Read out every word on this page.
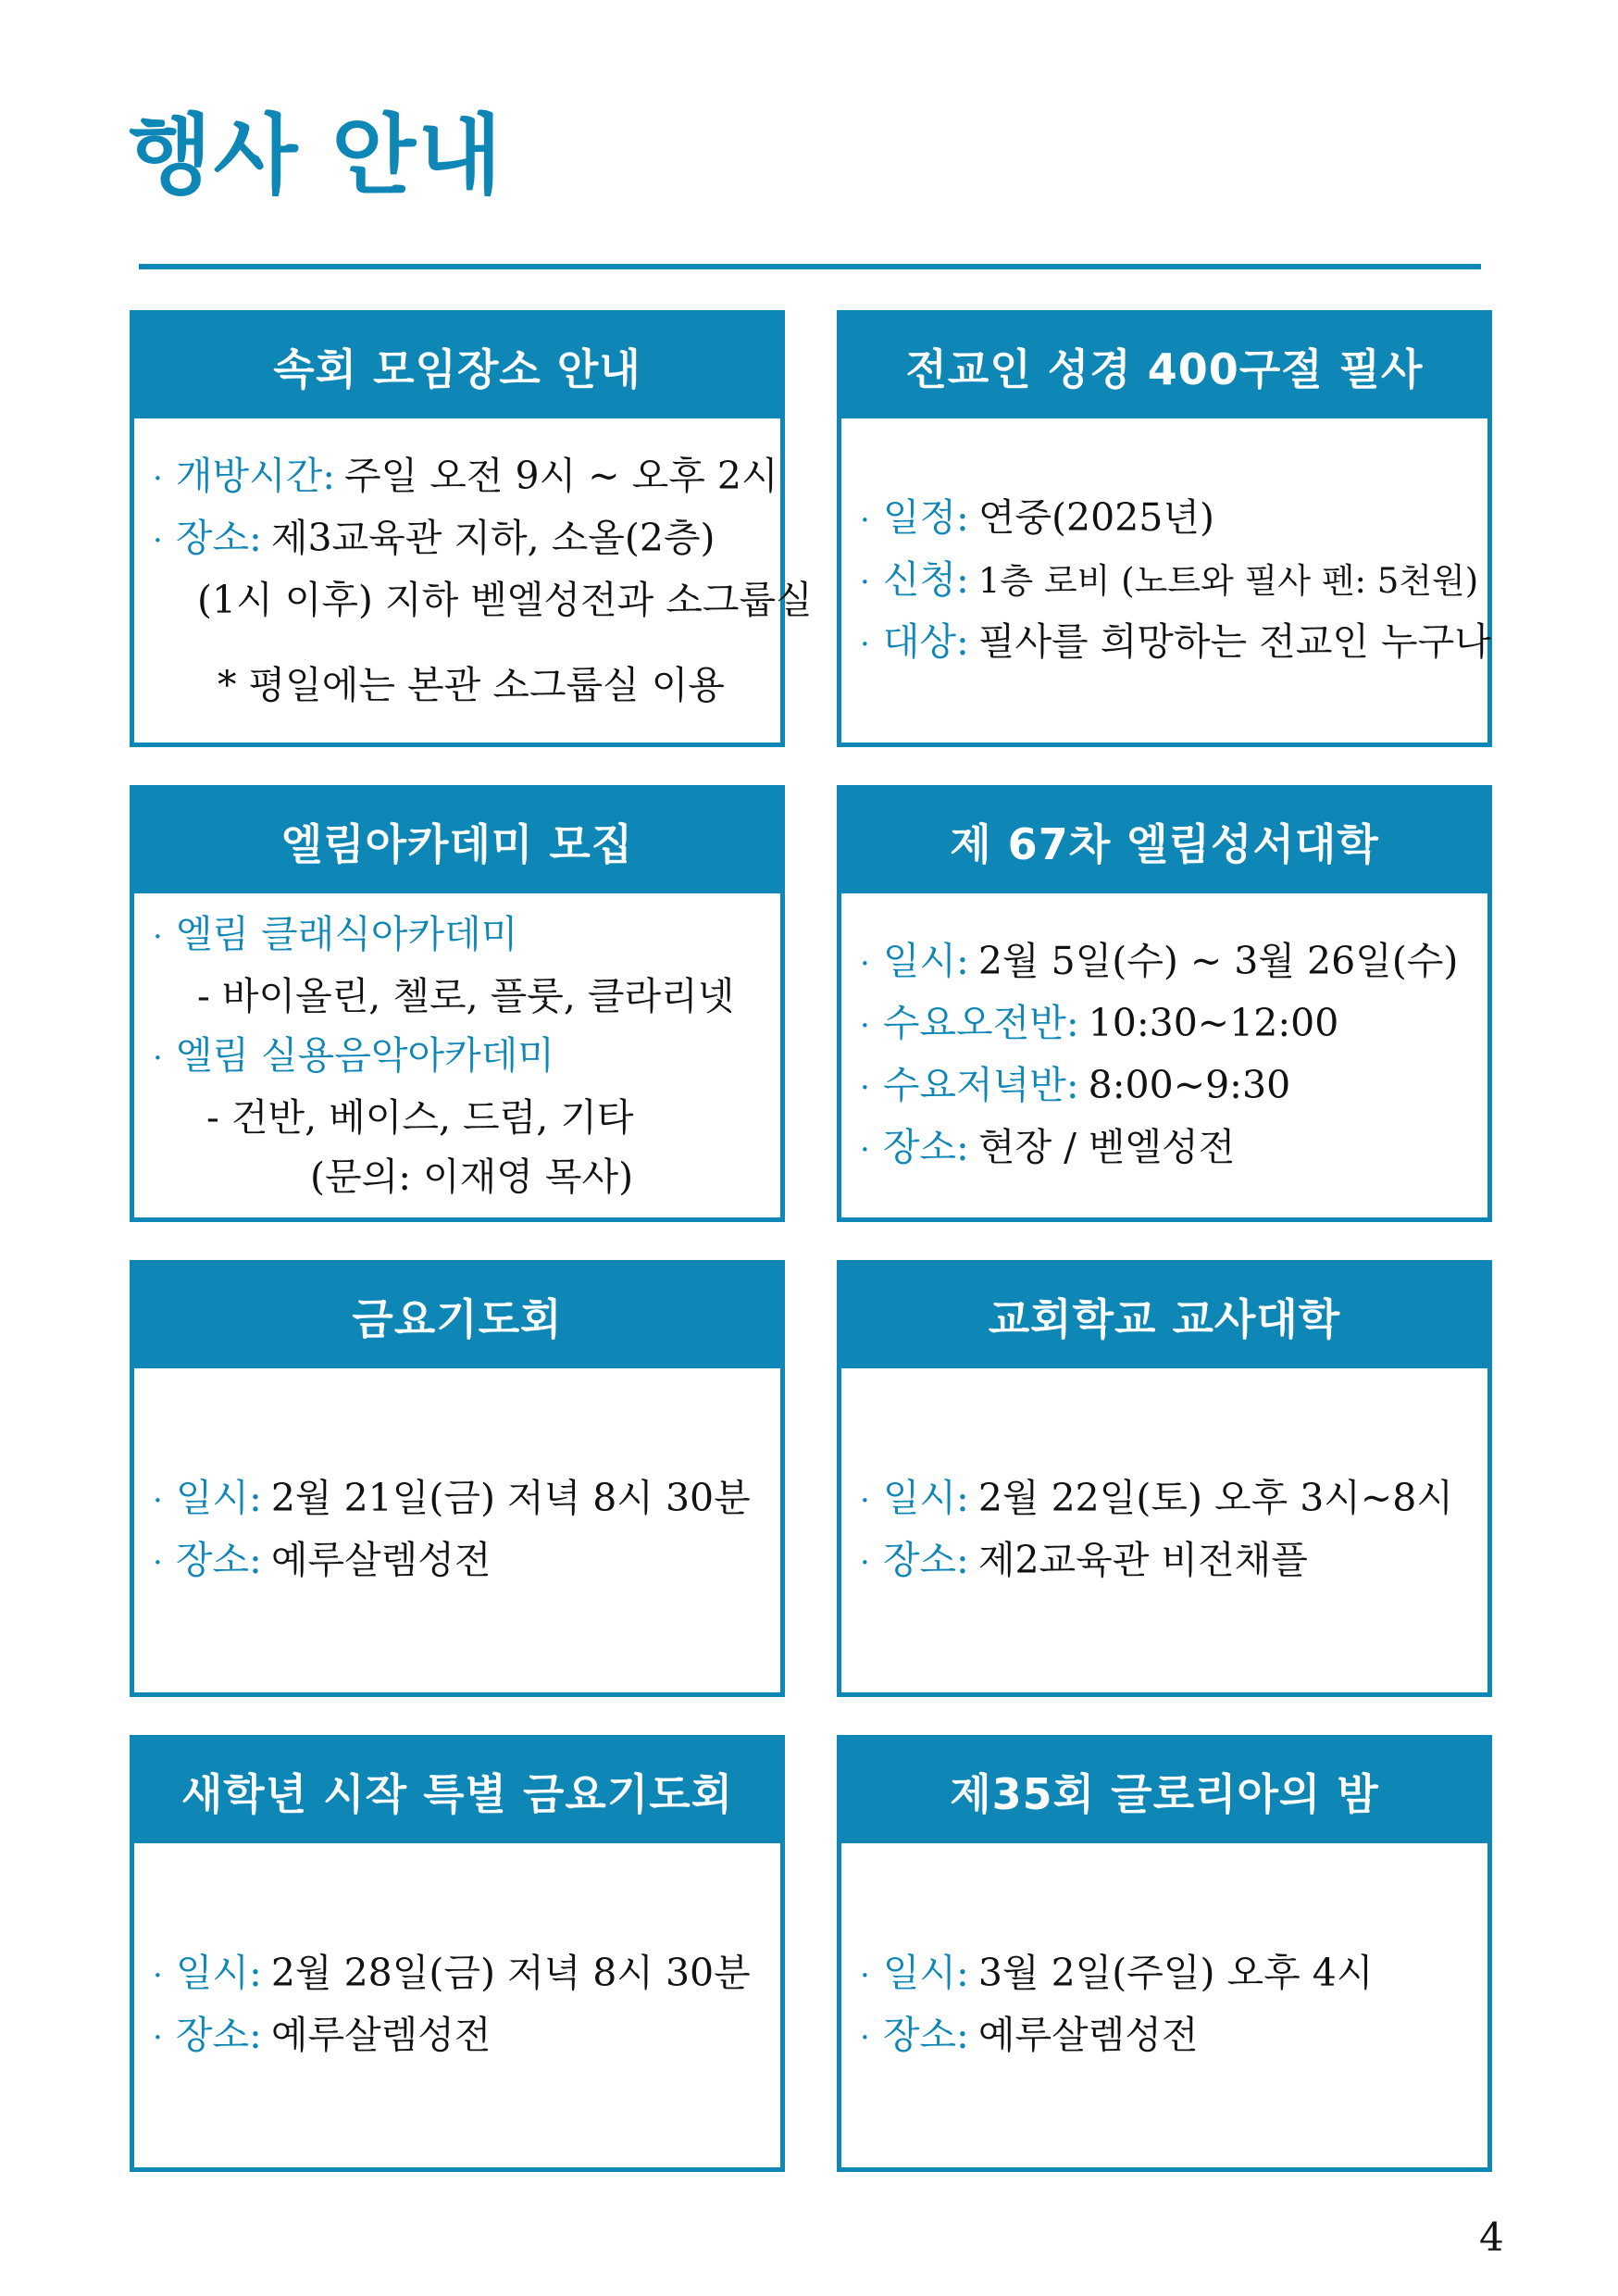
행사 안내
속회 모임장소 안내
· 개방시간: 주일 오전 9시 ~ 오후 2시
· 장소: 제3교육관 지하, 소올(2층)
(1시 이후) 지하 벧엘성전과 소그룹실
* 평일에는 본관 소그룹실 이용
전교인 성경 400구절 필사
· 일정: 연중(2025년)
· 신청: 1층 로비 (노트와 필사 펜: 5천원)
· 대상: 필사를 희망하는 전교인 누구나
엘림아카데미 모집
· 엘림 클래식아카데미
- 바이올린, 첼로, 플룻, 클라리넷
· 엘림 실용음악아카데미
- 건반, 베이스, 드럼, 기타
(문의: 이재영 목사)
제 67차 엘림성서대학
· 일시: 2월 5일(수) ~ 3월 26일(수)
· 수요오전반: 10:30~12:00
· 수요저녁반: 8:00~9:30
· 장소: 현장 / 벧엘성전
금요기도회
· 일시: 2월 21일(금) 저녁 8시 30분
· 장소: 예루살렘성전
교회학교 교사대학
· 일시: 2월 22일(토) 오후 3시~8시
· 장소: 제2교육관 비전채플
새학년 시작 특별 금요기도회
· 일시: 2월 28일(금) 저녁 8시 30분
· 장소: 예루살렘성전
제35회 글로리아의 밤
· 일시: 3월 2일(주일) 오후 4시
· 장소: 예루살렘성전
4
